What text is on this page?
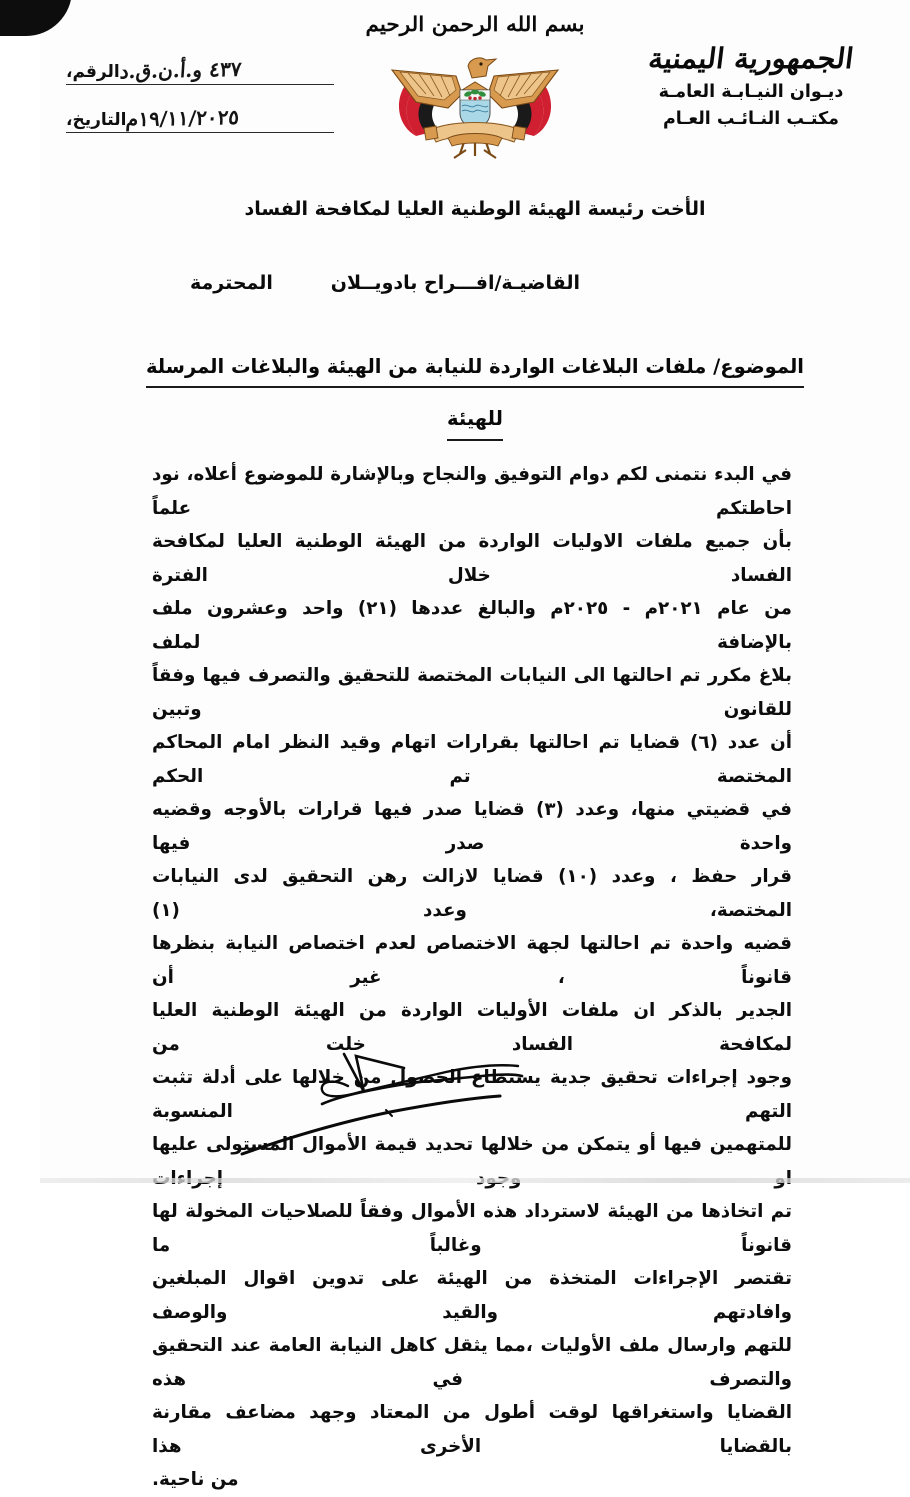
الرقم، ٤٣٧ و.أ.ن.ق.د
التاريخ، ١٩/١١/٢٠٢٥م
بسم الله الرحمن الرحيم
الجمهورية اليمنية
ديـوان النيـابـة العامـة
مكتـب النـائـب العـام
الأخت رئيسة الهيئة الوطنية العليا لمكافحة الفساد
القاضيـة/افـــراح بادويــلان
المحترمة
الموضوع/ ملفات البلاغات الواردة للنيابة من الهيئة والبلاغات المرسلة
للهيئة

في البدء نتمنى لكم دوام التوفيق والنجاح وبالإشارة للموضوع أعلاه، نود احاطتكم علماً
بأن جميع ملفات الاوليات الواردة من الهيئة الوطنية العليا لمكافحة الفساد خلال الفترة
من عام ٢٠٢١م - ٢٠٢٥م والبالغ عددها (٢١) واحد وعشرون ملف بالإضافة لملف
بلاغ مكرر تم احالتها الى النيابات المختصة للتحقيق والتصرف فيها وفقاً للقانون وتبين
أن عدد (٦) قضايا تم احالتها بقرارات اتهام وقيد النظر امام المحاكم المختصة تم الحكم
في قضيتي منها، وعدد (٣) قضايا صدر فيها قرارات بالأوجه وقضيه واحدة صدر فيها
قرار حفظ ، وعدد (١٠) قضايا لازالت رهن التحقيق لدى النيابات المختصة، وعدد (١)
قضيه واحدة تم احالتها لجهة الاختصاص لعدم اختصاص النيابة بنظرها قانوناً ، غير أن
الجدير بالذكر ان ملفات الأوليات الواردة من الهيئة الوطنية العليا لمكافحة الفساد خلت من
وجود إجراءات تحقيق جدية يستطاع الحصول من خلالها على أدلة تثبت التهم المنسوبة
للمتهمين فيها أو يتمكن من خلالها تحديد قيمة الأموال المستولى عليها
تم اتخاذها من الهيئة لاسترداد هذه الأموال وفقاً للصلاحيات المخولة لها قانوناً وغالباً ما
تقتصر الإجراءات المتخذة من الهيئة على تدوين اقوال المبلغين وافادتهم والقيد والوصف
للتهم وارسال ملف الأوليات ،مما يثقل كاهل النيابة العامة عند التحقيق والتصرف في هذه
القضايا واستغراقها لوقت أطول من المعتاد وجهد مضاعف مقارنة بالقضايا الأخرى هذا
من ناحية.
